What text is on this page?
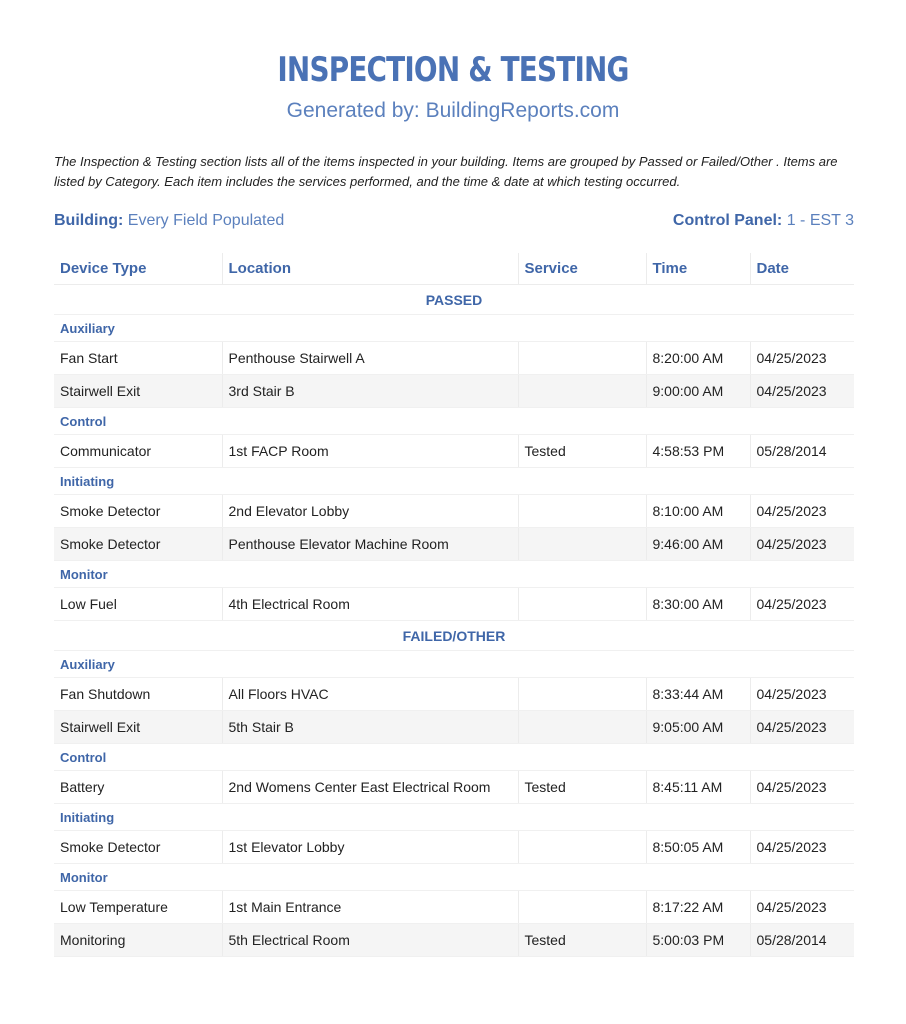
INSPECTION & TESTING
Generated by: BuildingReports.com
The Inspection & Testing section lists all of the items inspected in your building. Items are grouped by Passed or Failed/Other . Items are listed by Category. Each item includes the services performed, and the time & date at which testing occurred.
Building: Every Field Populated	Control Panel: 1 - EST 3
Device Type	Location	Service	Time	Date
PASSED				
Auxiliary				
Fan Start	Penthouse Stairwell A		8:20:00 AM	04/25/2023
Stairwell Exit	3rd Stair B		9:00:00 AM	04/25/2023
Control				
Communicator	1st FACP Room	Tested	4:58:53 PM	05/28/2014
Initiating				
Smoke Detector	2nd Elevator Lobby		8:10:00 AM	04/25/2023
Smoke Detector	Penthouse Elevator Machine Room		9:46:00 AM	04/25/2023
Monitor				
Low Fuel	4th Electrical Room		8:30:00 AM	04/25/2023
FAILED/OTHER				
Auxiliary				
Fan Shutdown	All Floors HVAC		8:33:44 AM	04/25/2023
Stairwell Exit	5th Stair B		9:05:00 AM	04/25/2023
Control				
Battery	2nd Womens Center East Electrical Room	Tested	8:45:11 AM	04/25/2023
Initiating				
Smoke Detector	1st Elevator Lobby		8:50:05 AM	04/25/2023
Monitor				
Low Temperature	1st Main Entrance		8:17:22 AM	04/25/2023
Monitoring	5th Electrical Room	Tested	5:00:03 PM	05/28/2014
